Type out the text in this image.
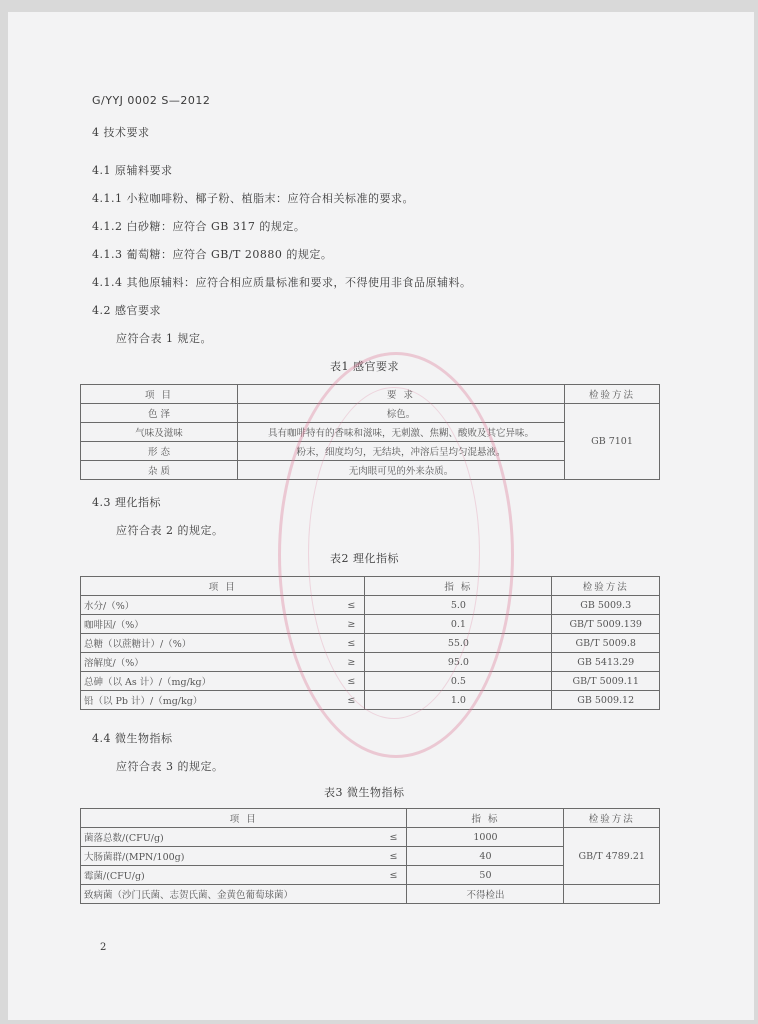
G/YYJ 0002 S—2012
4 技术要求
4.1 原辅料要求
4.1.1 小粒咖啡粉、椰子粉、植脂末：应符合相关标准的要求。
4.1.2 白砂糖：应符合 GB 317 的规定。
4.1.3 葡萄糖：应符合 GB/T 20880 的规定。
4.1.4 其他原辅料：应符合相应质量标准和要求，不得使用非食品原辅料。
4.2 感官要求
应符合表 1 规定。
表1 感官要求
项 目	要 求	检验方法
色 泽	棕色。	GB 7101
气味及滋味	具有咖啡特有的香味和滋味，无刺激、焦糊、酸败及其它异味。	
形 态	粉末，细度均匀，无结块，冲溶后呈均匀混悬液。	
杂 质	无肉眼可见的外来杂质。	
4.3 理化指标
应符合表 2 的规定。
表2 理化指标
项 目		指 标	检验方法
水分/（%）	≤	5.0	GB 5009.3
咖啡因/（%）	≥	0.1	GB/T 5009.139
总糖（以蔗糖计）/（%）	≤	55.0	GB/T 5009.8
溶解度/（%）	≥	95.0	GB 5413.29
总砷（以 As 计）/（mg/kg）	≤	0.5	GB/T 5009.11
铅（以 Pb 计）/（mg/kg）	≤	1.0	GB 5009.12
4.4 微生物指标
应符合表 3 的规定。
表3 微生物指标
项 目		指 标	检验方法
菌落总数/(CFU/g)	≤	1000	GB/T 4789.21
大肠菌群/(MPN/100g)	≤	40	
霉菌/(CFU/g)	≤	50	
致病菌（沙门氏菌、志贺氏菌、金黄色葡萄球菌）		不得检出	
2
